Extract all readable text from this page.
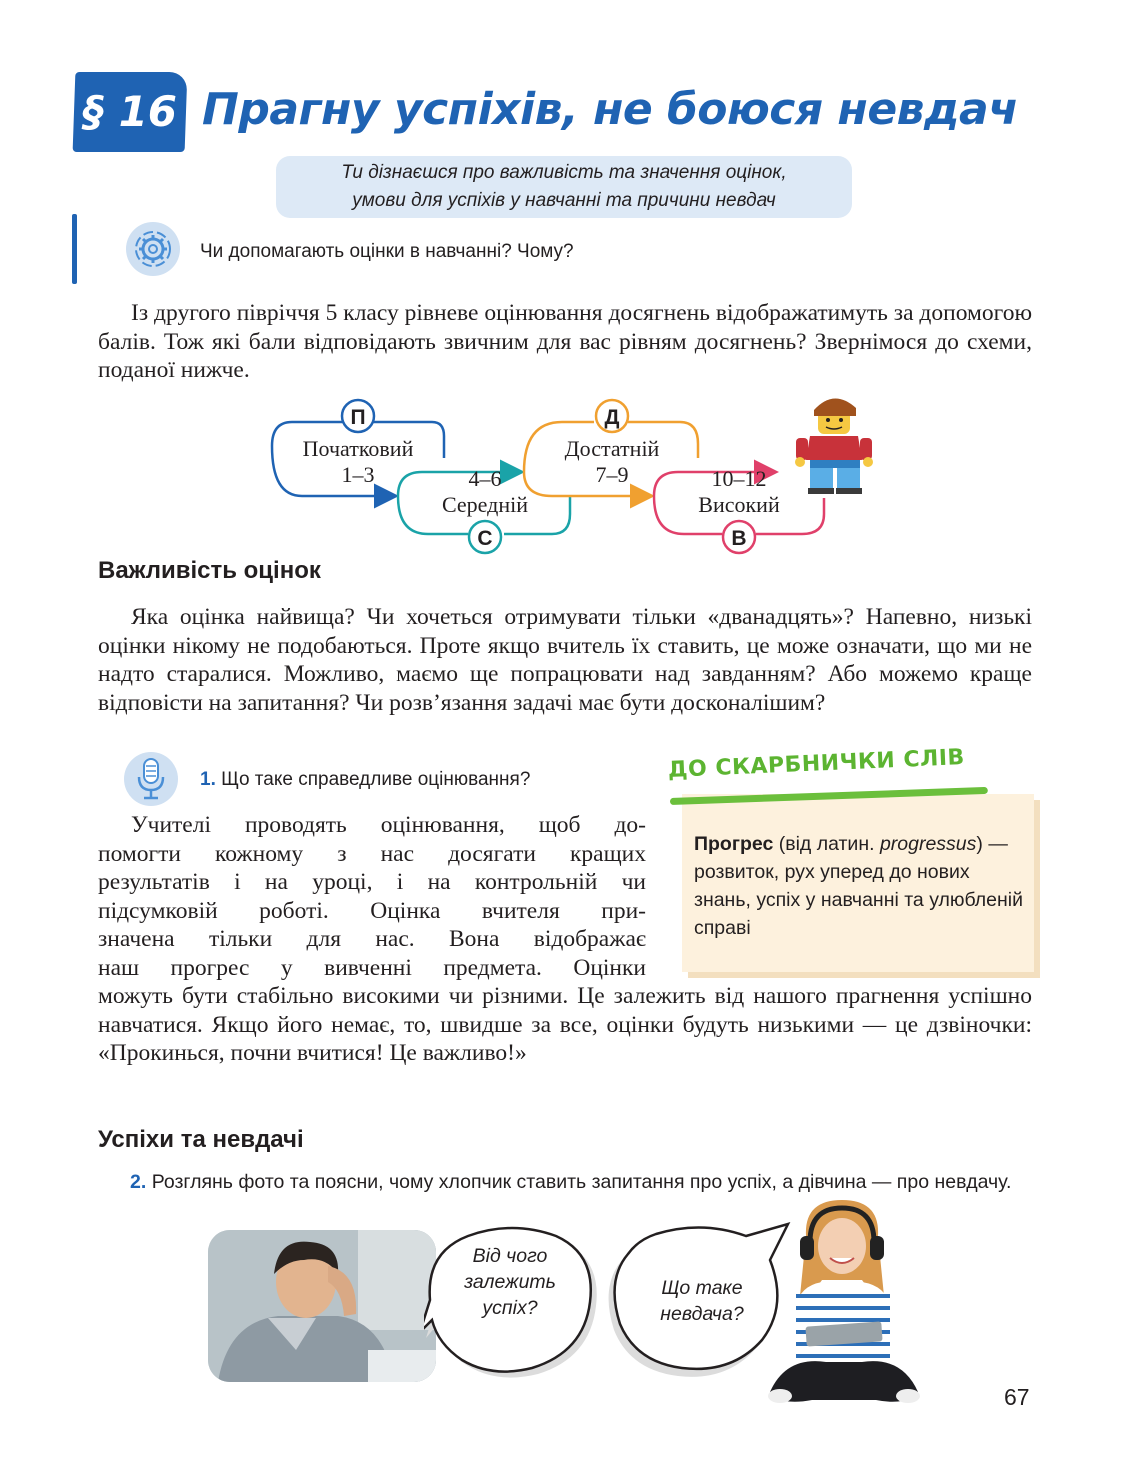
§ 16 Прагну успіхів, не боюся невдач
Ти дізнаєшся про важливість та значення оцінок,
умови для успіхів у навчанні та причини невдач
Чи допомагають оцінки в навчанні? Чому?
Із другого півріччя 5 класу рівневе оцінювання досягнень відображатимуть за допомогою балів. Тож які бали відповідають звичним для вас рівням досягнень? Звернімося до схеми, поданої нижче.
П
С
Д
В
Початковий
1–3	4–6
Середній
Достатній
7–9	10–12
Високий
Важливість оцінок
Яка оцінка найвища? Чи хочеться отримувати тільки «дванадцять»? Напевно, низькі оцінки нікому не подобаються. Проте якщо вчитель їх ставить, це може означати, що ми не надто старалися. Можливо, маємо ще попрацювати над завданням? Або можемо краще відповісти на запитання? Чи розв’язання задачі має бути досконалішим?
1. Що таке справедливе оцінювання?
Учителі проводять оцінювання, щоб до-
помогти кожному з нас досягати кращих
результатів і на уроці, і на контрольній чи
підсумковій роботі. Оцінка вчителя при-
значена тільки для нас. Вона відображає
наш прогрес у вивченні предмета. Оцінки
можуть бути стабільно високими чи різними. Це залежить від нашого прагнення успішно навчатися. Якщо його немає, то, швидше за все, оцінки будуть низькими — це дзвіночки: «Прокинься, почни вчитися! Це важливо!»
ДО СКАРБНИЧКИ СЛІВ
Прогрес (від латин. progressus) — розвиток, рух уперед до нових знань, успіх у навчанні та улюбленій справі
Успіхи та невдачі
2. Розглянь фото та поясни, чому хлопчик ставить запитання про успіх, а дівчина — про невдачу.
Від чого
залежить
успіх?
Що таке
невдача?
67
